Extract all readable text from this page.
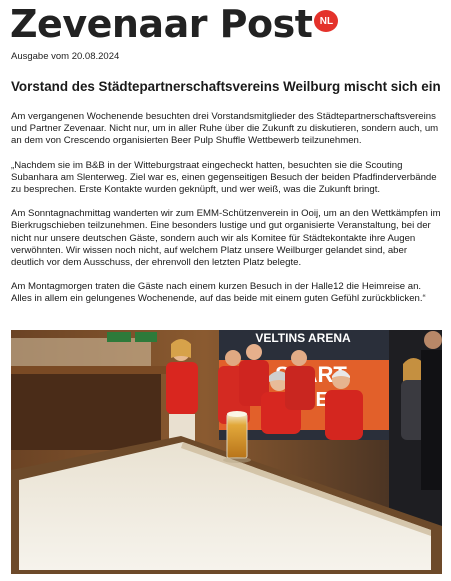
Zevenaar Post NL
Ausgabe vom 20.08.2024
Vorstand des Städtepartnerschaftsvereins Weilburg mischt sich ein

Am vergangenen Wochenende besuchten drei Vorstandsmitglieder des Städtepartnerschaftsvereins und Partner Zevenaar. Nicht nur, um in aller Ruhe über die Zukunft zu diskutieren, sondern auch, um an dem von Crescendo organisierten Beer Pulp Shuffle Wettbewerb teilzunehmen.

„Nachdem sie im B&B in der Witteburgstraat eingecheckt hatten, besuchten sie die Scouting Subanhara am Slenterweg. Ziel war es, einen gegenseitigen Besuch der beiden Pfadfinderverbände zu besprechen. Erste Kontakte wurden geknüpft, und wer weiß, was die Zukunft bringt.

Am Sonntagnachmittag wanderten wir zum EMM-Schützenverein in Ooij, um an den Wettkämpfen im Bierkrugschieben teilzunehmen. Eine besonders lustige und gut organisierte Veranstaltung, bei der nicht nur unsere deutschen Gäste, sondern auch wir als Komitee für Städtekontakte ihre Augen verwöhnten. Wir wissen noch nicht, auf welchem Platz unsere Weilburger gelandet sind, aber deutlich vor dem Ausschuss, der ehrenvoll den letzten Platz belegte.

Am Montagmorgen traten die Gäste nach einem kurzen Besuch in der Halle12 die Heimreise an. Alles in allem ein gelungenes Wochenende, auf das beide mit einem guten Gefühl zurückblicken.“

VELTINS ARENA
